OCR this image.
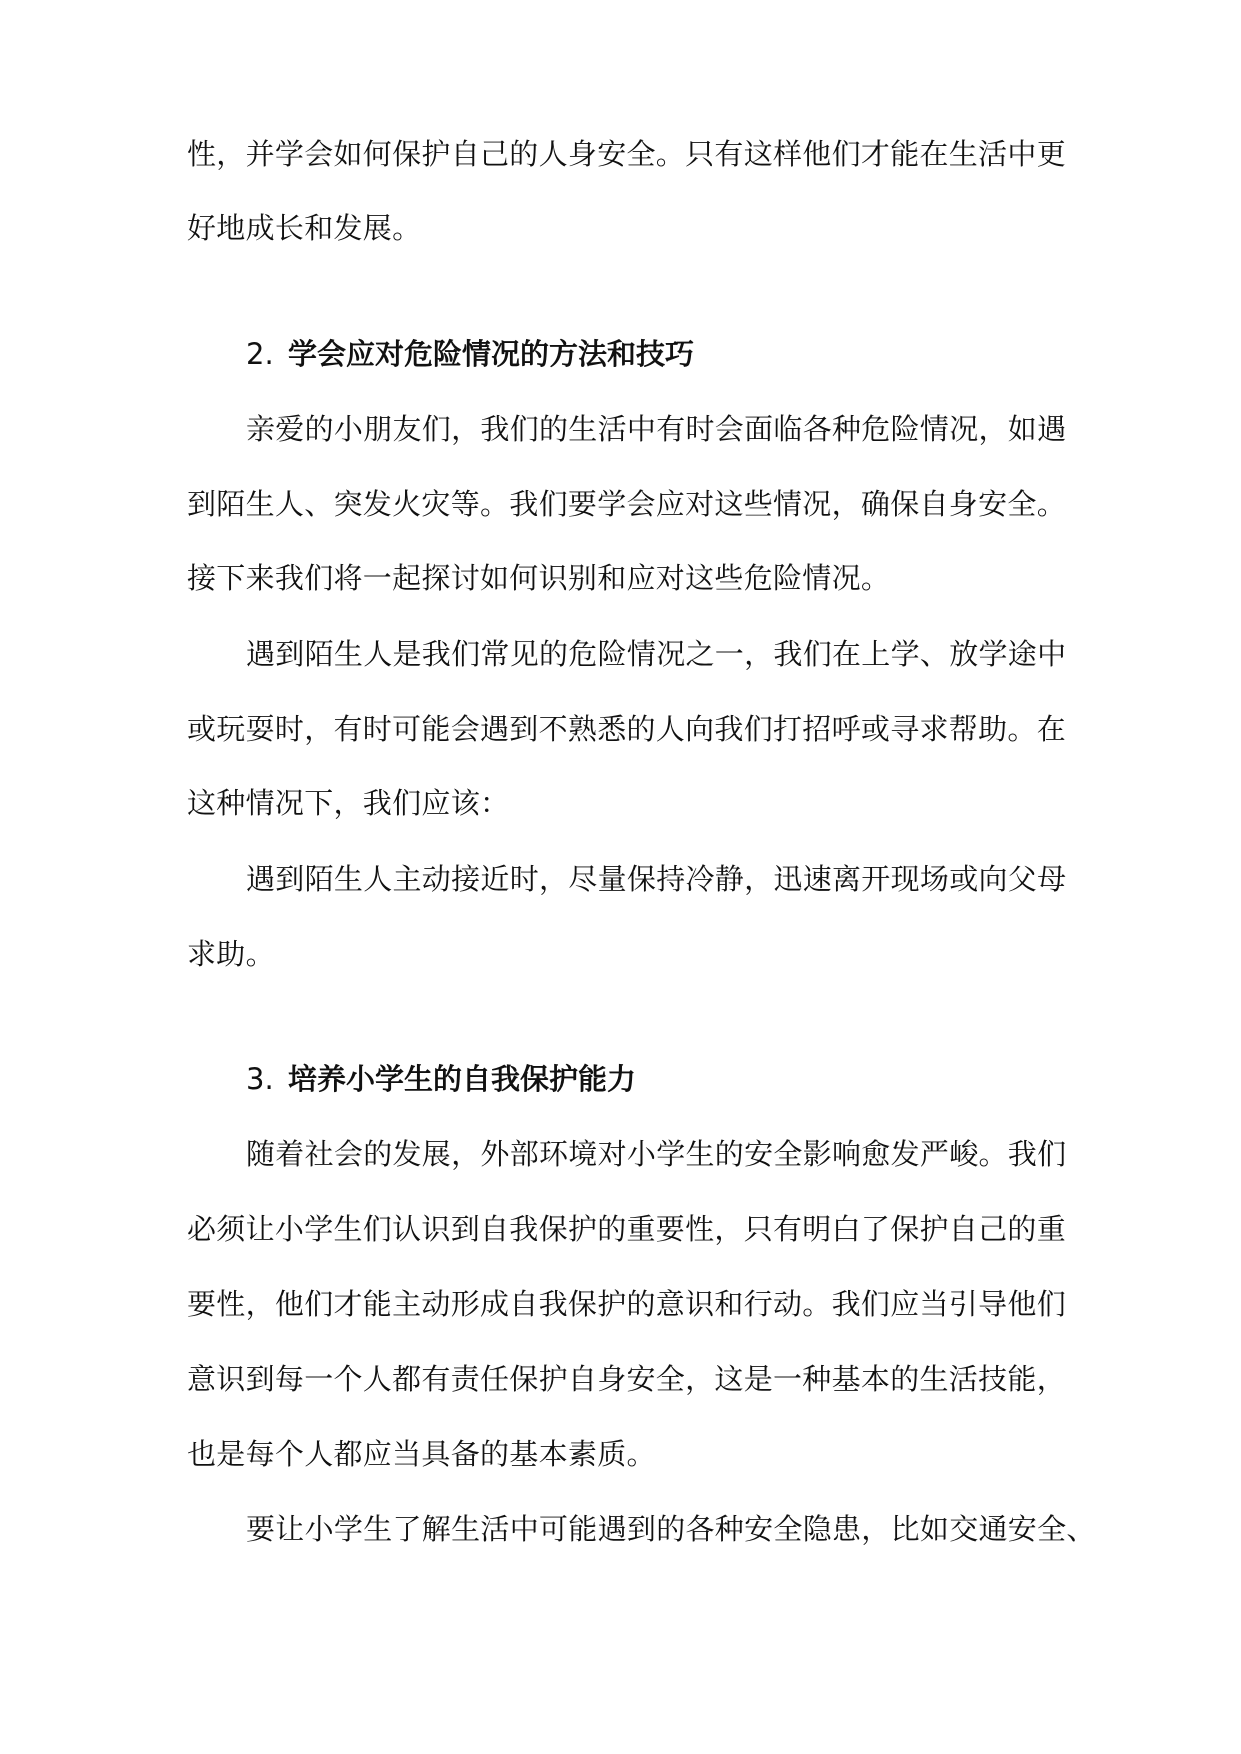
性，并学会如何保护自己的人身安全。只有这样他们才能在生活中更
好地成长和发展。
2. 学会应对危险情况的方法和技巧
亲爱的小朋友们，我们的生活中有时会面临各种危险情况，如遇
到陌生人、突发火灾等。我们要学会应对这些情况，确保自身安全。
接下来我们将一起探讨如何识别和应对这些危险情况。
遇到陌生人是我们常见的危险情况之一，我们在上学、放学途中
或玩耍时，有时可能会遇到不熟悉的人向我们打招呼或寻求帮助。在
这种情况下，我们应该：
遇到陌生人主动接近时，尽量保持冷静，迅速离开现场或向父母
求助。
3. 培养小学生的自我保护能力
随着社会的发展，外部环境对小学生的安全影响愈发严峻。我们
必须让小学生们认识到自我保护的重要性，只有明白了保护自己的重
要性，他们才能主动形成自我保护的意识和行动。我们应当引导他们
意识到每一个人都有责任保护自身安全，这是一种基本的生活技能，
也是每个人都应当具备的基本素质。
要让小学生了解生活中可能遇到的各种安全隐患，比如交通安全、
